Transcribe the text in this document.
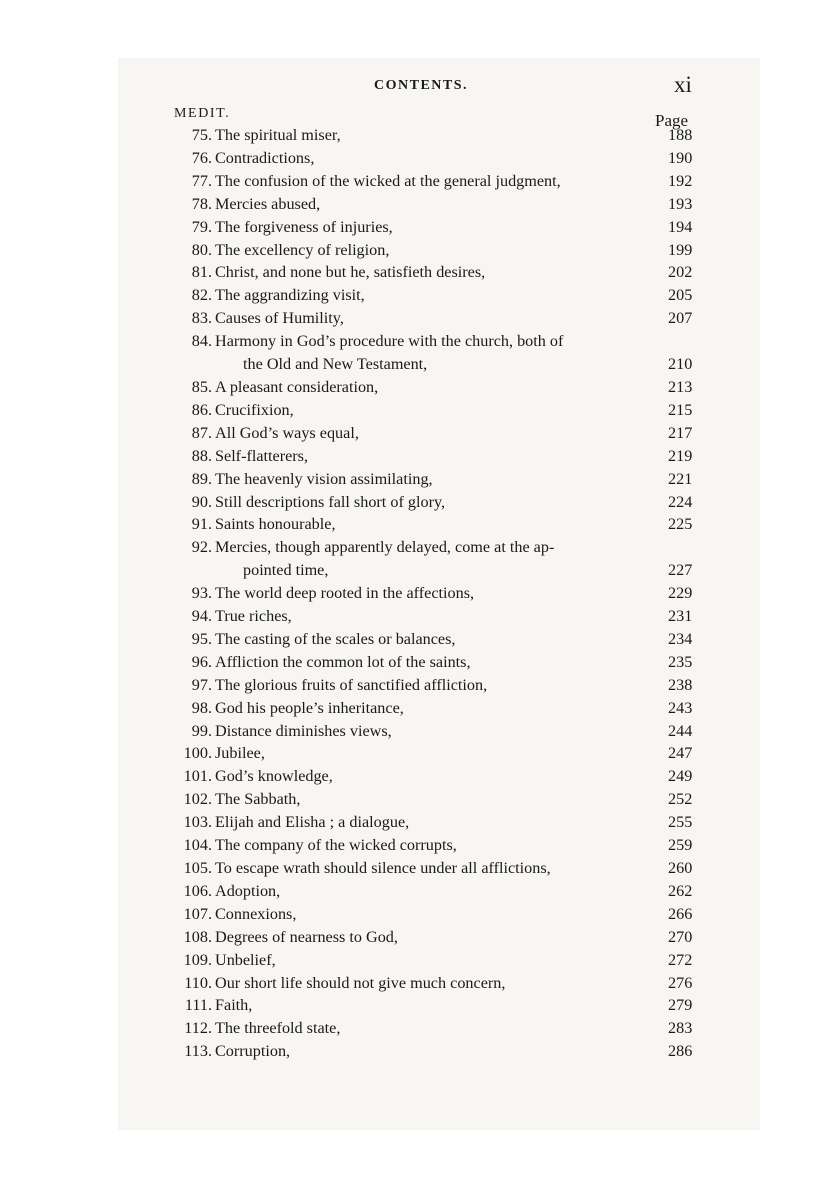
CONTENTS.	xi
MEDIT.	Page
75. The spiritual miser,	188
76. Contradictions,	190
77. The confusion of the wicked at the general judgment,	192
78. Mercies abused,	193
79. The forgiveness of injuries,	194
80. The excellency of religion,	199
81. Christ, and none but he, satisfieth desires,	202
82. The aggrandizing visit,	205
83. Causes of Humility,	207
84. Harmony in God’s procedure with the church, both of
the Old and New Testament,	210
85. A pleasant consideration,	213
86. Crucifixion,	215
87. All God’s ways equal,	217
88. Self-flatterers,	219
89. The heavenly vision assimilating,	221
90. Still descriptions fall short of glory,	224
91. Saints honourable,	225
92. Mercies, though apparently delayed, come at the ap-
pointed time,	227
93. The world deep rooted in the affections,	229
94. True riches,	231
95. The casting of the scales or balances,	234
96. Affliction the common lot of the saints,	235
97. The glorious fruits of sanctified affliction,	238
98. God his people’s inheritance,	243
99. Distance diminishes views,	244
100. Jubilee,	247
101. God’s knowledge,	249
102. The Sabbath,	252
103. Elijah and Elisha ; a dialogue,	255
104. The company of the wicked corrupts,	259
105. To escape wrath should silence under all afflictions,	260
106. Adoption,	262
107. Connexions,	266
108. Degrees of nearness to God,	270
109. Unbelief,	272
110. Our short life should not give much concern,	276
111. Faith,	279
112. The threefold state,	283
113. Corruption,	286
